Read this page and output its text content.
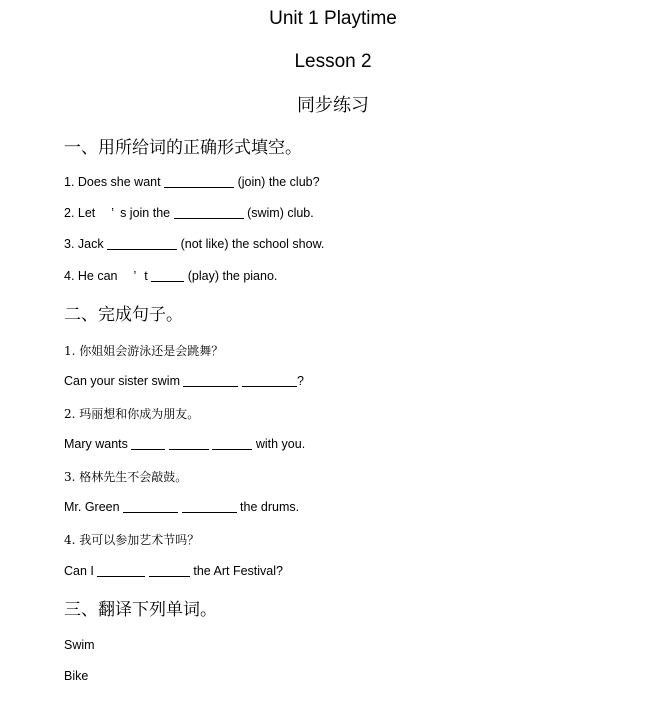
Unit 1 Playtime
Lesson 2
同步练习
一、用所给词的正确形式填空。
1. Does she want	(join) the club?
2. Let ’ s join the	(swim) club.
3. Jack	(not like) the school show.
4. He can ’ t	(play) the piano.
二、完成句子。
1. 你姐姐会游泳还是会跳舞？
Can your sister swim	?
2. 玛丽想和你成为朋友。
Mary wants	with you.
3. 格林先生不会敲鼓。
Mr. Green	the drums.
4. 我可以参加艺术节吗？
Can I	the Art Festival?
三、翻译下列单词。
Swim
Bike
